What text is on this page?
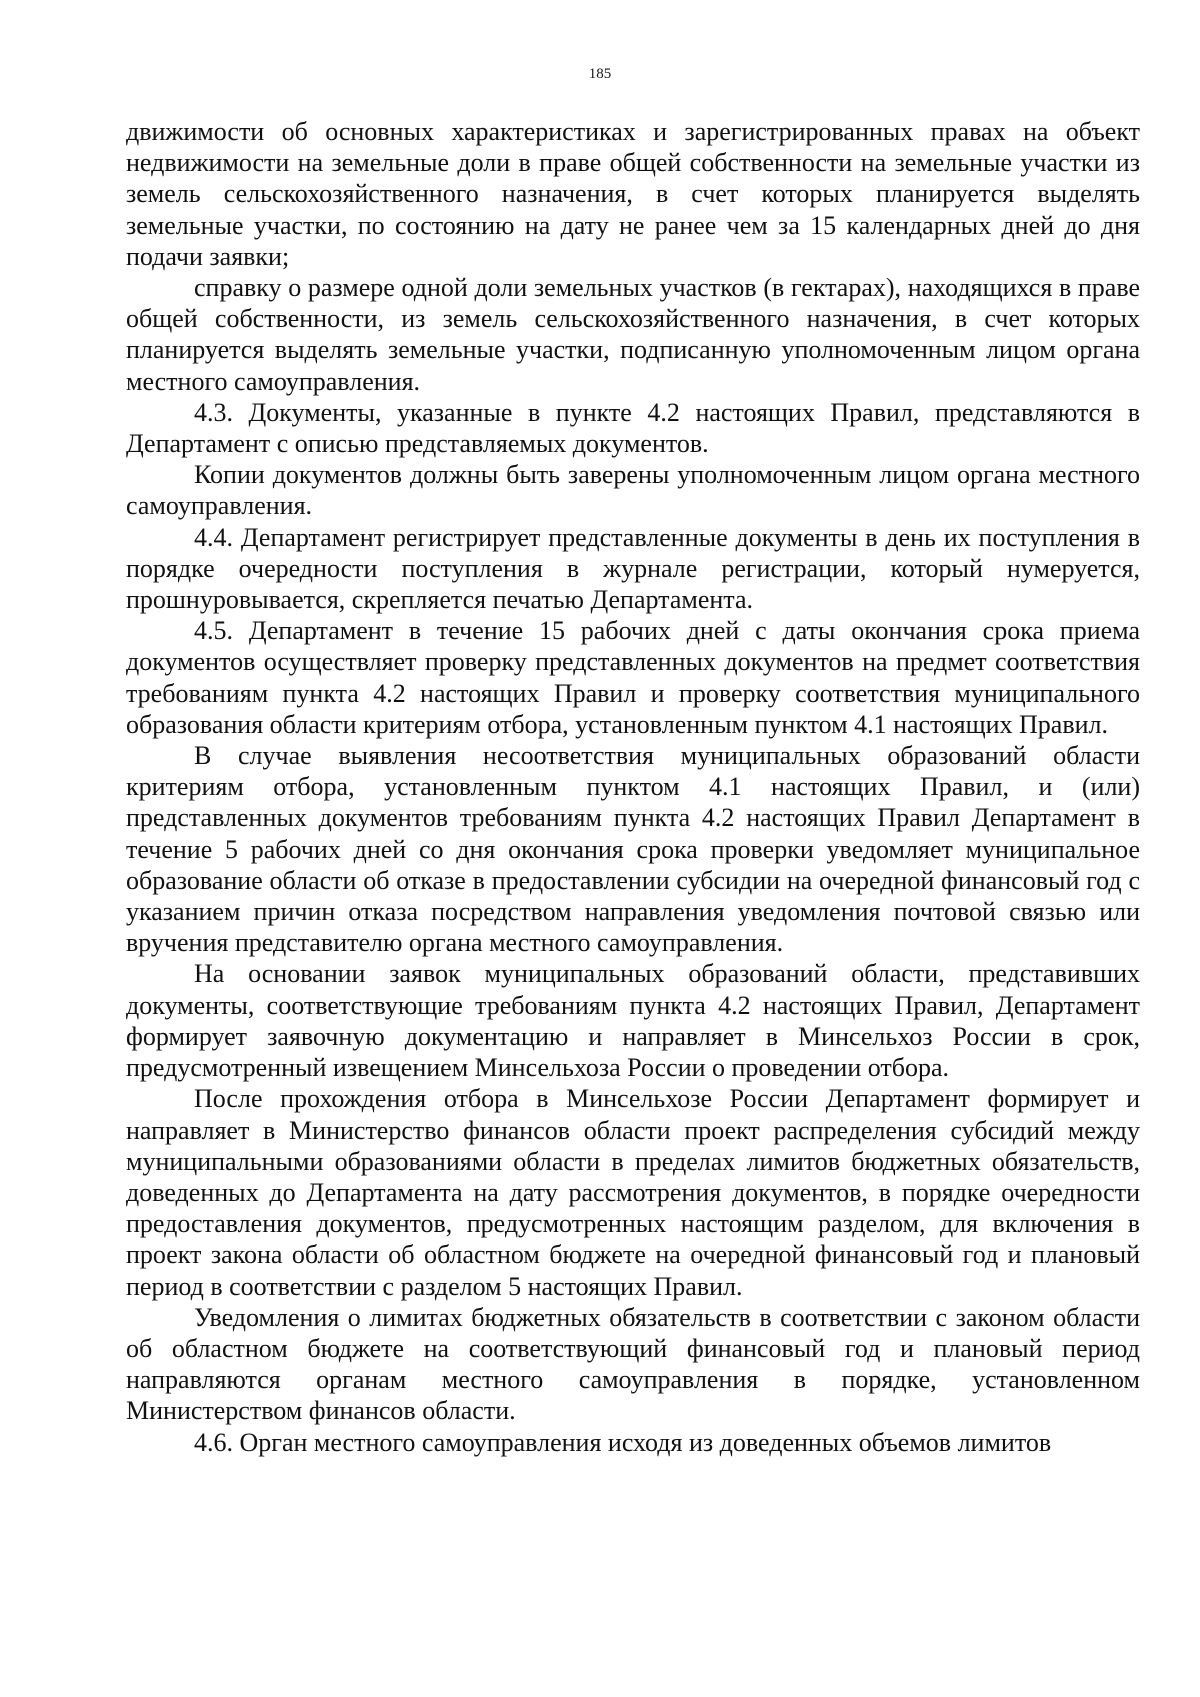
185

движимости об основных характеристиках и зарегистрированных правах на объект недвижимости на земельные доли в праве общей собственности на земельные участки из земель сельскохозяйственного назначения, в счет которых планируется выделять земельные участки, по состоянию на дату не ранее чем за 15 календарных дней до дня подачи заявки;

справку о размере одной доли земельных участков (в гектарах), находящихся в праве общей собственности, из земель сельскохозяйственного назначения, в счет которых планируется выделять земельные участки, подписанную уполномоченным лицом органа местного самоуправления.

4.3. Документы, указанные в пункте 4.2 настоящих Правил, представляются в Департамент с описью представляемых документов.

Копии документов должны быть заверены уполномоченным лицом органа местного самоуправления.

4.4. Департамент регистрирует представленные документы в день их поступления в порядке очередности поступления в журнале регистрации, который нумеруется, прошнуровывается, скрепляется печатью Департамента.

4.5. Департамент в течение 15 рабочих дней с даты окончания срока приема документов осуществляет проверку представленных документов на предмет соответствия требованиям пункта 4.2 настоящих Правил и проверку соответствия муниципального образования области критериям отбора, установленным пунктом 4.1 настоящих Правил.

В случае выявления несоответствия муниципальных образований области критериям отбора, установленным пунктом 4.1 настоящих Правил, и (или) представленных документов требованиям пункта 4.2 настоящих Правил Департамент в течение 5 рабочих дней со дня окончания срока проверки уведомляет муниципальное образование области об отказе в предоставлении субсидии на очередной финансовый год с указанием причин отказа посредством направления уведомления почтовой связью или вручения представителю органа местного самоуправления.

На основании заявок муниципальных образований области, представивших документы, соответствующие требованиям пункта 4.2 настоящих Правил, Департамент формирует заявочную документацию и направляет в Минсельхоз России в срок, предусмотренный извещением Минсельхоза России о проведении отбора.

После прохождения отбора в Минсельхозе России Департамент формирует и направляет в Министерство финансов области проект распределения субсидий между муниципальными образованиями области в пределах лимитов бюджетных обязательств, доведенных до Департамента на дату рассмотрения документов, в порядке очередности предоставления документов, предусмотренных настоящим разделом, для включения в проект закона области об областном бюджете на очередной финансовый год и плановый период в соответствии с разделом 5 настоящих Правил.

Уведомления о лимитах бюджетных обязательств в соответствии с законом области об областном бюджете на соответствующий финансовый год и плановый период направляются органам местного самоуправления в порядке, установленном Министерством финансов области.

4.6. Орган местного самоуправления исходя из доведенных объемов лимитов
